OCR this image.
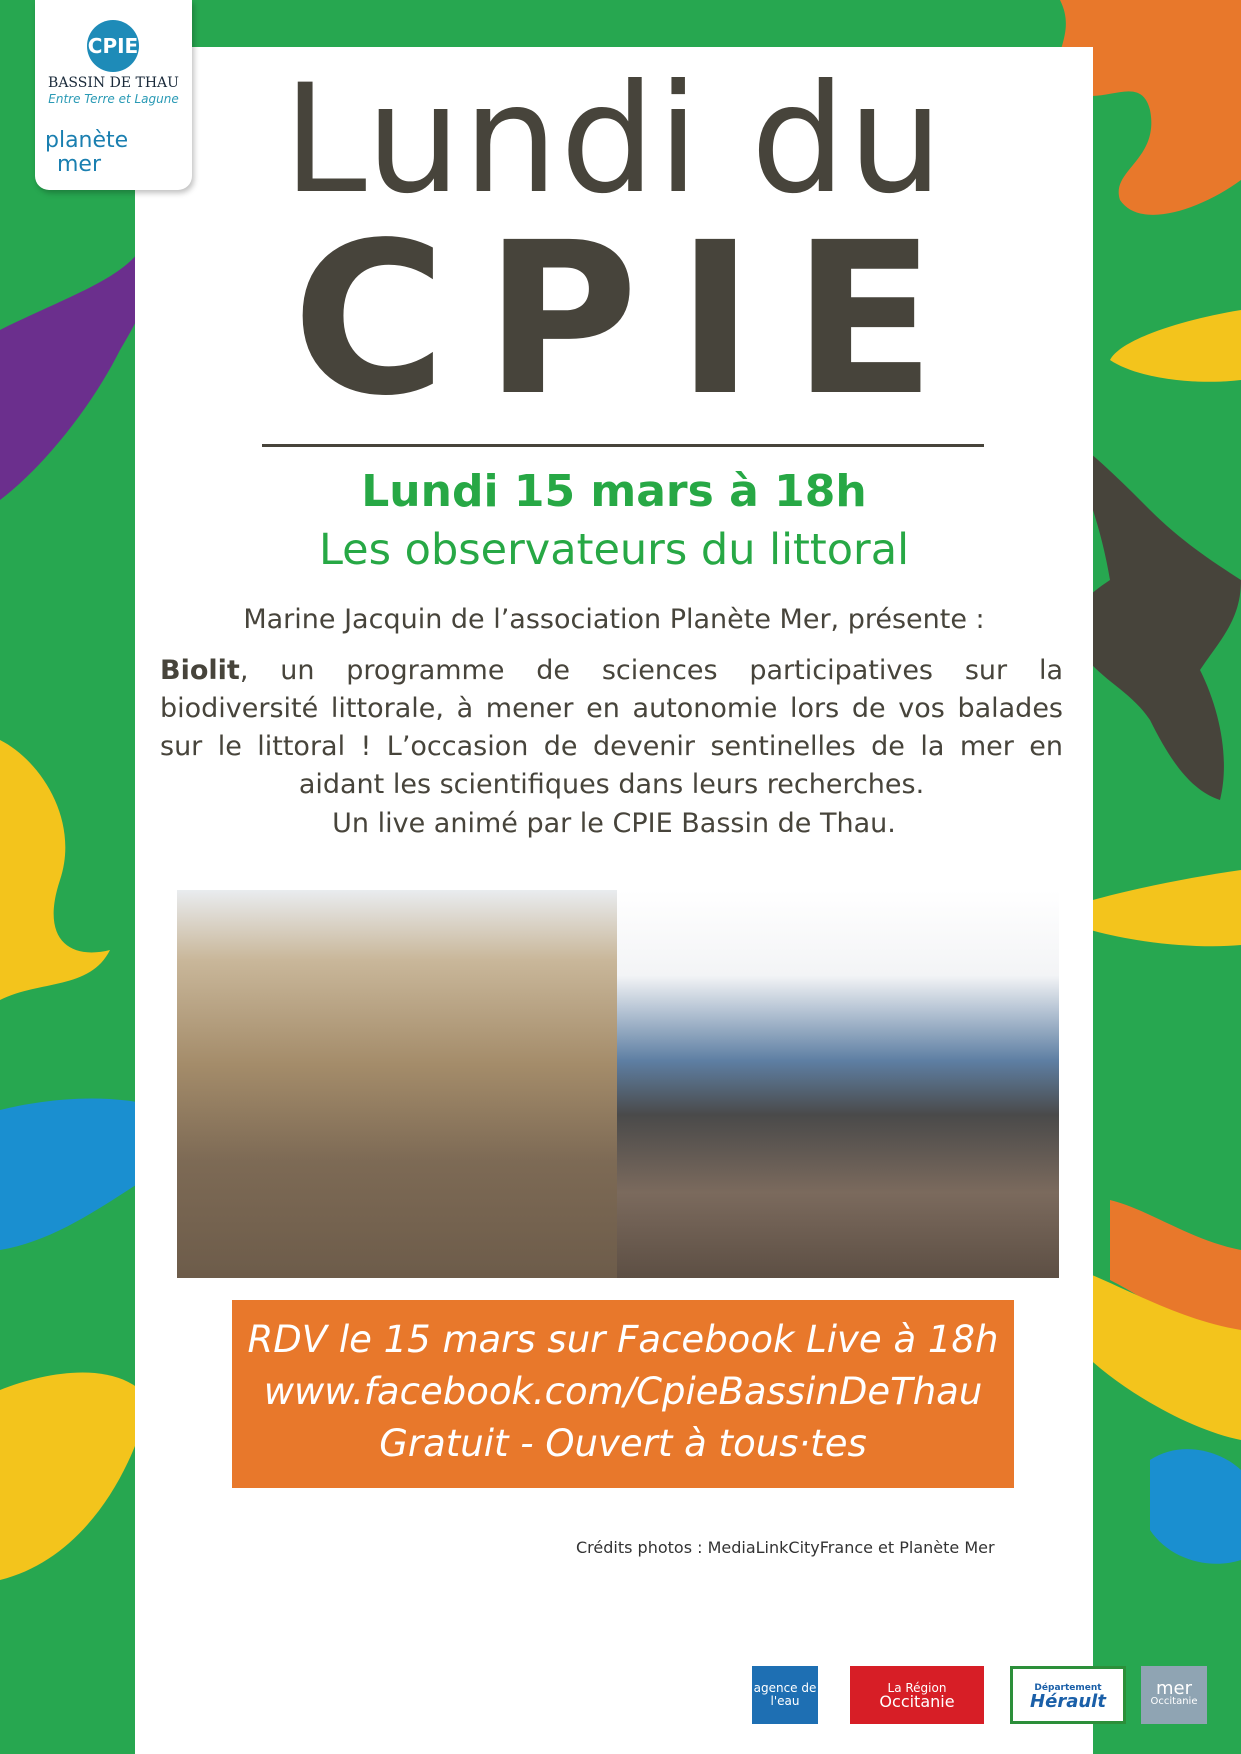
CPIE
BASSIN DE THAU
Entre Terre et Lagune
planète
mer	Lundi du
CPIE
Lundi 15 mars à 18h
Les observateurs du littoral
Marine Jacquin de l’association Planète Mer, présente :
Biolit, un programme de sciences participatives sur la biodiversité littorale, à mener en autonomie lors de vos balades sur le littoral ! L’occasion de devenir sentinelles de la mer en aidant les scientifiques dans leurs recherches.
Un live animé par le CPIE Bassin de Thau.
RDV le 15 mars sur Facebook Live à 18h
www.facebook.com/CpieBassinDeThau
Gratuit - Ouvert à tous·tes
Crédits photos : MediaLinkCityFrance et Planète Mer
agence de l'eau
La Région
Occitanie
Département
Hérault
mer
Occitanie
